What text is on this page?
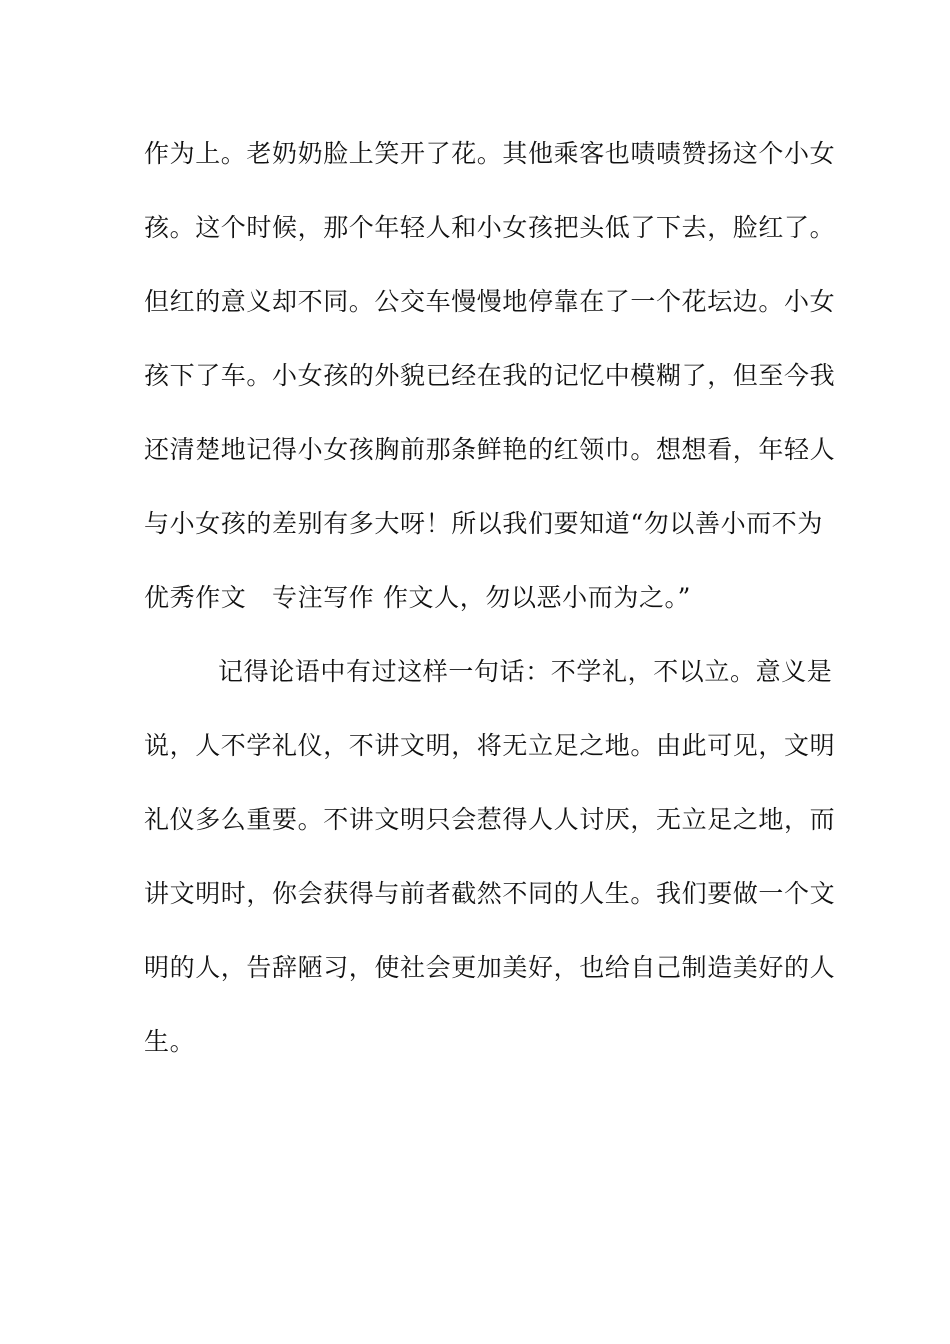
作为上。老奶奶脸上笑开了花。其他乘客也啧啧赞扬这个小女
孩。这个时候，那个年轻人和小女孩把头低了下去，脸红了。
但红的意义却不同。公交车慢慢地停靠在了一个花坛边。小女
孩下了车。小女孩的外貌已经在我的记忆中模糊了，但至今我
还清楚地记得小女孩胸前那条鲜艳的红领巾。想想看，年轻人
与小女孩的差别有多大呀！所以我们要知道“勿以善小而不为
优秀作文　专注写作 作文人，勿以恶小而为之。”
记得论语中有过这样一句话：不学礼，不以立。意义是
说，人不学礼仪，不讲文明，将无立足之地。由此可见，文明
礼仪多么重要。不讲文明只会惹得人人讨厌，无立足之地，而
讲文明时，你会获得与前者截然不同的人生。我们要做一个文
明的人，告辞陋习，使社会更加美好，也给自己制造美好的人
生。
